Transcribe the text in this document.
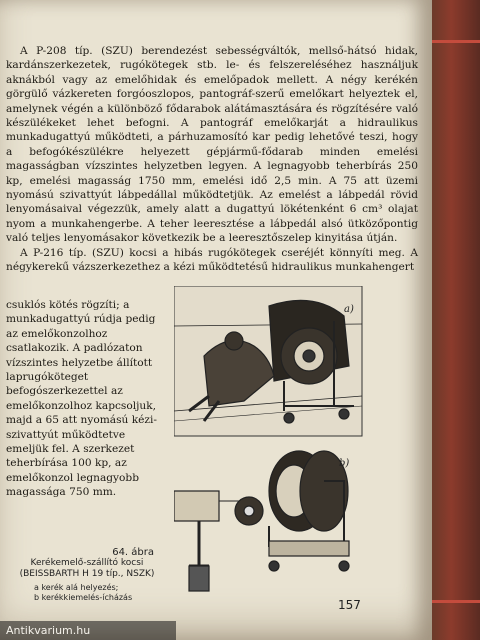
A P-208 típ. (SZU) berendezést sebességváltók, mellső-hátsó hidak, kardánszerkezetek, rugókötegek stb. le- és felszereléséhez használjuk aknákból vagy az emelőhidak és emelőpadok mellett. A négy kerékén görgülő vázkereten forgóoszlopos, pantográf-szerű emelőkart helyeztek el, amelynek végén a különböző fődarabok alátámasztására és rögzítésére való készülékeket lehet befogni. A pantográf emelőkarját a hidraulikus munkadugattyú működteti, a párhuzamosító kar pedig lehetővé teszi, hogy a befogókészülékre helyezett gépjármű-fődarab minden emelési magasságban vízszintes helyzetben legyen. A legnagyobb teherbírás 250 kp, emelési magasság 1750 mm, emelési idő 2,5 min. A 75 att üzemi nyomású szivattyút lábpedállal működtetjük. Az emelést a lábpedál rövid lenyomásaival végezzük, amely alatt a dugattyú lökétenként 6 cm³ olajat nyom a munkahengerbe. A teher leeresztése a lábpedál alsó ütközőpontig való teljes lenyomásakor következik be a leeresztőszelep kinyitása útján.

A P-216 típ. (SZU) kocsi a hibás rugókötegek cseréjét könnyíti meg. A négykerekű vázszerkezethez a kézi működtetésű hidraulikus munkahengert

csuklós kötés rögzíti; a munkadugattyú rúdja pedig az emelőkonzolhoz csatlakozik. A padlózaton vízszintes helyzetbe állított laprugóköteget befogószerkezettel az emelőkonzolhoz kapcsoljuk, majd a 65 att nyomású kézi-szivattyút működtetve emeljük fel. A szerkezet teherbírása 100 kp, az emelőkonzol legnagyobb magassága 750 mm.
a)
b)
64. ábra
Kerékemelő-szállító kocsi (BEISSBARTH H 19 típ., NSZK)
a kerék alá helyezés;
b kerékkiemelés-ícházás
157
Antikvarium.hu
